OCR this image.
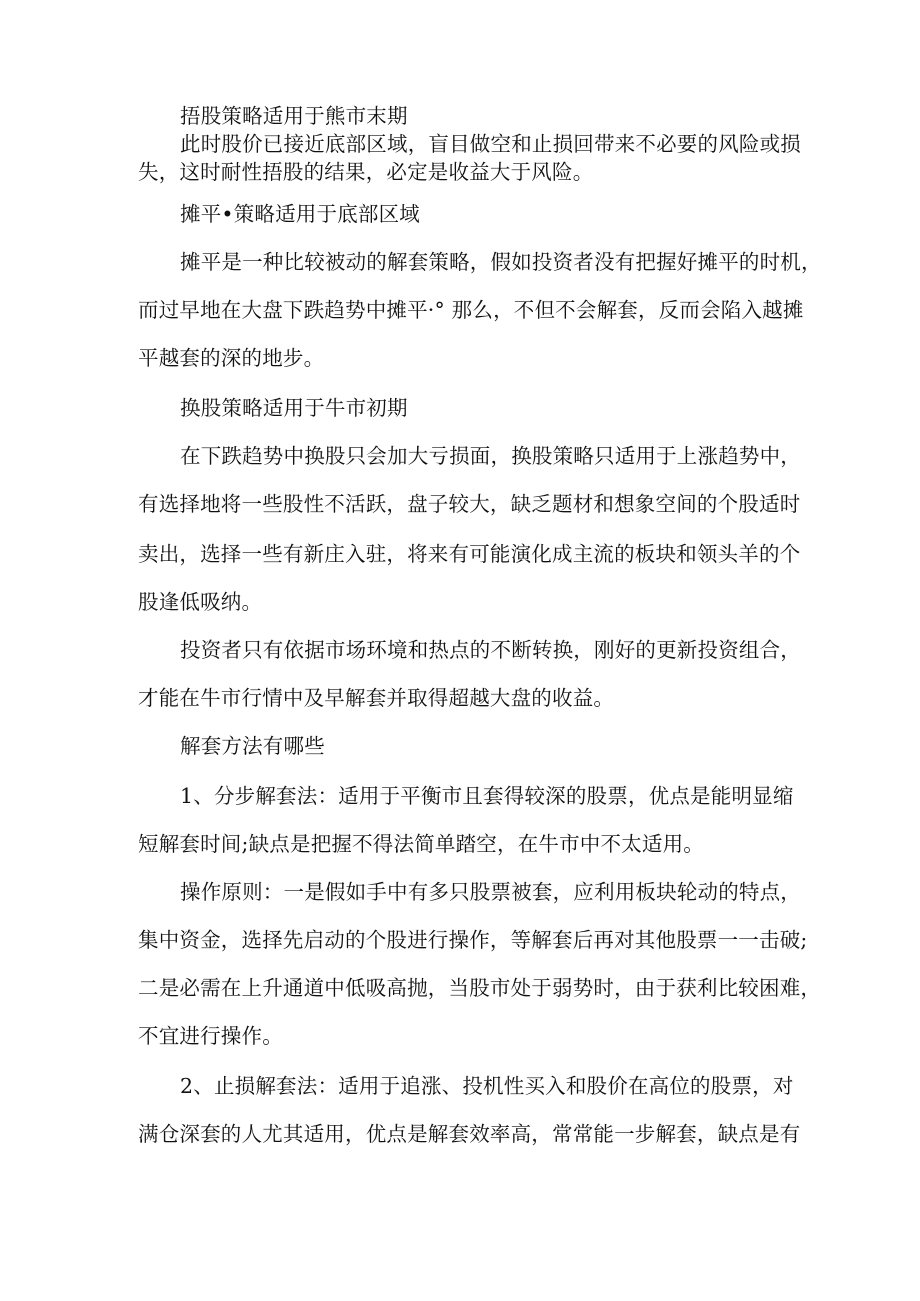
捂股策略适用于熊市末期
此时股价已接近底部区域，盲目做空和止损回带来不必要的风险或损
失，这时耐性捂股的结果，必定是收益大于风险。
摊平•策略适用于底部区域
摊平是一种比较被动的解套策略，假如投资者没有把握好摊平的时机，
而过早地在大盘下跌趋势中摊平·° 那么，不但不会解套，反而会陷入越摊
平越套的深的地步。
换股策略适用于牛市初期
在下跌趋势中换股只会加大亏损面，换股策略只适用于上涨趋势中，
有选择地将一些股性不活跃，盘子较大，缺乏题材和想象空间的个股适时
卖出，选择一些有新庄入驻，将来有可能演化成主流的板块和领头羊的个
股逢低吸纳。
投资者只有依据市场环境和热点的不断转换，刚好的更新投资组合，
才能在牛市行情中及早解套并取得超越大盘的收益。
解套方法有哪些
1、分步解套法：适用于平衡市且套得较深的股票，优点是能明显缩
短解套时间;缺点是把握不得法简单踏空，在牛市中不太适用。
操作原则：一是假如手中有多只股票被套，应利用板块轮动的特点，
集中资金，选择先启动的个股进行操作，等解套后再对其他股票一一击破;
二是必需在上升通道中低吸高抛，当股市处于弱势时，由于获利比较困难，
不宜进行操作。
2、止损解套法：适用于追涨、投机性买入和股价在高位的股票，对
满仓深套的人尤其适用，优点是解套效率高，常常能一步解套，缺点是有
